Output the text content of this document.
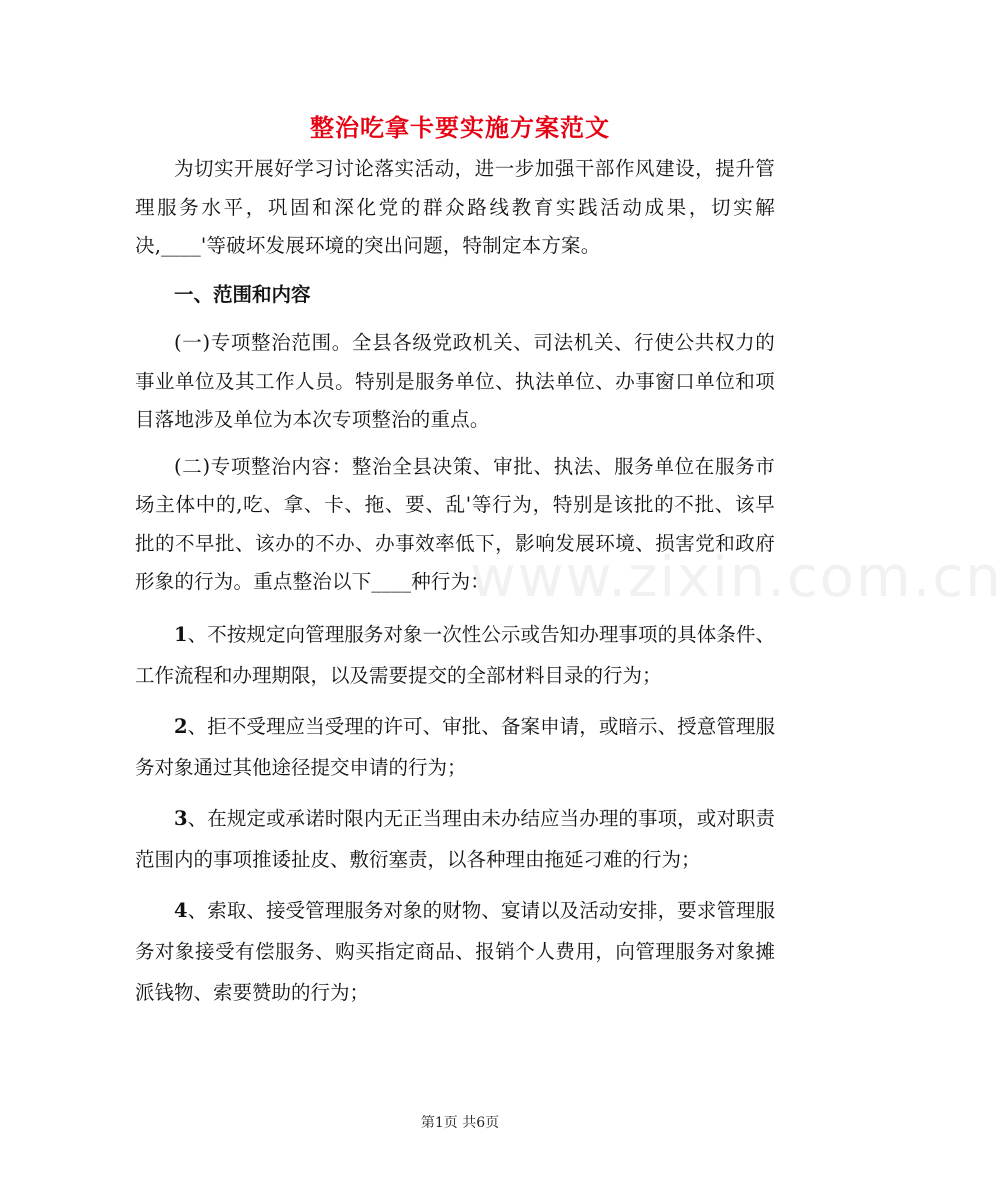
整治吃拿卡要实施方案范文

为切实开展好学习讨论落实活动，进一步加强干部作风建设，提升管理服务水平，巩固和深化党的群众路线教育实践活动成果，切实解决,____'等破坏发展环境的突出问题，特制定本方案。

一、范围和内容

(一)专项整治范围。全县各级党政机关、司法机关、行使公共权力的事业单位及其工作人员。特别是服务单位、执法单位、办事窗口单位和项目落地涉及单位为本次专项整治的重点。

(二)专项整治内容：整治全县决策、审批、执法、服务单位在服务市场主体中的,吃、拿、卡、拖、要、乱'等行为，特别是该批的不批、该早批的不早批、该办的不办、办事效率低下，影响发展环境、损害党和政府形象的行为。重点整治以下____种行为：

1、不按规定向管理服务对象一次性公示或告知办理事项的具体条件、工作流程和办理期限，以及需要提交的全部材料目录的行为；

2、拒不受理应当受理的许可、审批、备案申请，或暗示、授意管理服务对象通过其他途径提交申请的行为；

3、在规定或承诺时限内无正当理由未办结应当办理的事项，或对职责范围内的事项推诿扯皮、敷衍塞责，以各种理由拖延刁难的行为；

4、索取、接受管理服务对象的财物、宴请以及活动安排，要求管理服务对象接受有偿服务、购买指定商品、报销个人费用，向管理服务对象摊派钱物、索要赞助的行为；

www.zixin.com.cn
第1页 共6页
